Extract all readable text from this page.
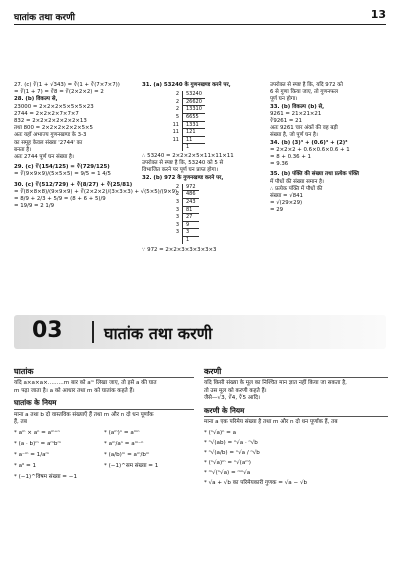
घातांक तथा करणी	13
27. (c) ∛(1 + √343) = ∛(1 + ∛(7×7×7))
= ∛(1 + 7) = ∛8 = ∛(2×2×2) = 2
28. (b) विकल्प से,
23000 = 2×2×2×5×5×5×23
2744 = 2×2×2×7×7×7
832 = 2×2×2×2×2×2×13
तथा 800 = 2×2×2×2×2×5×5
अतः यहाँ अभाज्य गुणनखण्ड के 3-3
का समूह केवल संख्या '2744' का
बनता है।
अतः 2744 पूर्ण घन संख्या है।
29. (c) ∛(154/125) = ∛(729/125)
= ∛(9×9×9)/(5×5×5) = 9/5 = 1 4/5
30. (c) ∛(512/729) + ∛(8/27) + ∛(25/81)
= ∛(8×8×8)/(9×9×9) + ∛(2×2×2)/(3×3×3) + √(5×5)/(9×9)
= 8/9 + 2/3 + 5/9 = (8 + 6 + 5)/9
= 19/9 = 2 1/9
31. (a) 53240 के गुणनखण्ड करने पर,
2	53240
2	26620
2	13310
5	6655
11	1331
11	121
11	11
	1
∴ 53240 = 2×2×2×5×11×11×11
उपरोक्त से स्पष्ट है कि, 53240 को 5 से
विभाजित करने पर पूर्ण घन प्राप्त होगा।
32. (b) 972 के गुणनखण्ड करने पर,
2	972
2	486
3	243
3	81
3	27
3	9
3	3
	1
∵ 972 = 2×2×3×3×3×3×3
उपरोक्त से स्पष्ट है कि, यदि 972 को
6 से गुणा किया जाए, तो गुणनफल
पूर्ण घन होगा।
33. (b) विकल्प (b) से,
9261 = 21×21×21
∛9261 = 21
अतः 9261 चार अंकों की वह बड़ी
संख्या है, जो पूर्ण घन है।
34. (b) (3)³ + (0.6)³ + (2)³
= 2×2×2 + 0.6×0.6×0.6 + 1
= 8 + 0.36 + 1
= 9.36
35. (b) पंक्ति की संख्या तथा प्रत्येक पंक्ति
में पौधों की संख्या समान है।
∴ प्रत्येक पंक्ति में पौधों की
संख्या = √841
= √(29×29)
= 29
03	घातांक तथा करणी
घातांक
यदि a×a×a×.........m बार को aᵐ लिखा जाए, तो इसे a की घात
m पढ़ा जाता है। a को आधार तथा m को घातांक कहते हैं।
घातांक के नियम
माना a तथा b दो वास्तविक संख्याएँ हैं तथा m और n दो धन पूर्णांक
हैं, तब
* aᵐ × aⁿ = aᵐ⁺ⁿ	* (aᵐ)ⁿ = aᵐⁿ
* (a · b)ᵐ = aᵐbᵐ	* aᵐ/aⁿ = aᵐ⁻ⁿ
* a⁻ᵐ = 1/aᵐ	* (a/b)ᵐ = aᵐ/bᵐ
* a⁰ = 1	* (−1)^सम संख्या = 1
* (−1)^विषम संख्या = −1
करणी
यदि किसी संख्या के मूल का निश्चित मान ज्ञात नहीं किया जा सकता है,
तो उस मूल को करणी कहते हैं।
जैसे—√3, ∛4, ∜5 आदि।
करणी के नियम
माना a एक परिमेय संख्या है तथा m और n दो धन पूर्णांक हैं, तब
* (ⁿ√a)ⁿ = a
* ⁿ√(ab) = ⁿ√a · ⁿ√b
* ⁿ√(a/b) = ⁿ√a / ⁿ√b
* (ⁿ√a)ᵐ = ⁿ√(aᵐ)
* ᵐ√(ⁿ√a) = ᵐⁿ√a
* √a + √b का परिमेयकारी गुणक = √a − √b
